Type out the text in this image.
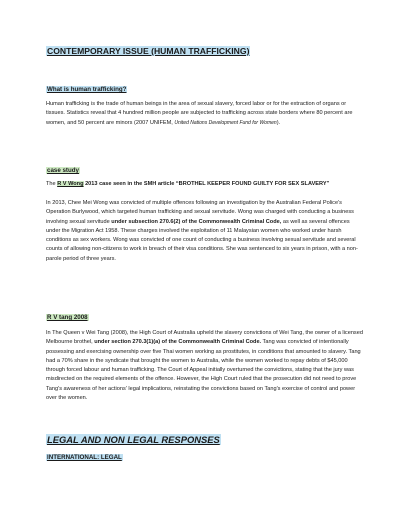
CONTEMPORARY ISSUE (HUMAN TRAFFICKING)
What is human trafficking?

Human trafficking is the trade of human beings in the area of sexual slavery, forced labor or for the extraction of organs or tissues. Statistics reveal that 4 hundred million people are subjected to trafficking across state borders where 80 percent are women, and 50 percent are minors (2007 UNIFEM, United Nations Development Fund for Women).

case study

The R V Wong 2013 case seen in the SMH article “BROTHEL KEEPER FOUND GUILTY FOR SEX SLAVERY”

In 2013, Chee Mei Wong was convicted of multiple offences following an investigation by the Australian Federal Police's Operation Burlywood, which targeted human trafficking and sexual servitude. Wong was charged with conducting a business involving sexual servitude under subsection 270.6(2) of the Commonwealth Criminal Code, as well as several offences under the Migration Act 1958. These charges involved the exploitation of 11 Malaysian women who worked under harsh conditions as sex workers. Wong was convicted of one count of conducting a business involving sexual servitude and several counts of allowing non-citizens to work in breach of their visa conditions. She was sentenced to six years in prison, with a non-parole period of three years.

R V tang 2008

In The Queen v Wei Tang (2008), the High Court of Australia upheld the slavery convictions of Wei Tang, the owner of a licensed Melbourne brothel, under section 270.3(1)(a) of the Commonwealth Criminal Code. Tang was convicted of intentionally possessing and exercising ownership over five Thai women working as prostitutes, in conditions that amounted to slavery. Tang had a 70% share in the syndicate that brought the women to Australia, while the women worked to repay debts of $45,000 through forced labour and human trafficking. The Court of Appeal initially overturned the convictions, stating that the jury was misdirected on the required elements of the offence. However, the High Court ruled that the prosecution did not need to prove Tang's awareness of her actions' legal implications, reinstating the convictions based on Tang's exercise of control and power over the women.

LEGAL AND NON LEGAL RESPONSES
INTERNATIONAL: LEGAL
